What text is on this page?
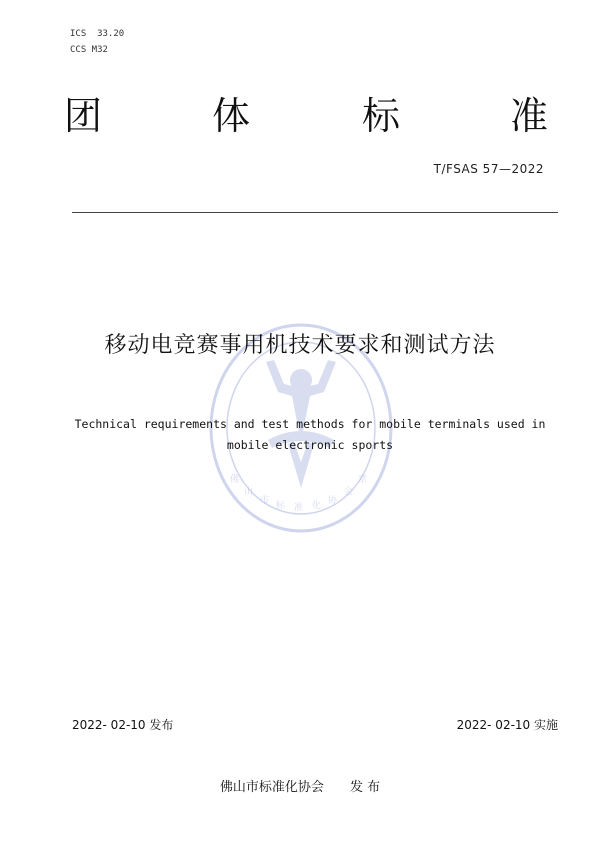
ICS  33.20
CCS M32
团	体	标	准
T/FSAS 57—2022
佛
山
市 标 准 化 协
会
章
移动电竞赛事用机技术要求和测试方法
Technical requirements and test methods for mobile terminals used in
mobile electronic sports
2022- 02-10 发布	2022- 02-10 实施
佛山市标准化协会 发 布
